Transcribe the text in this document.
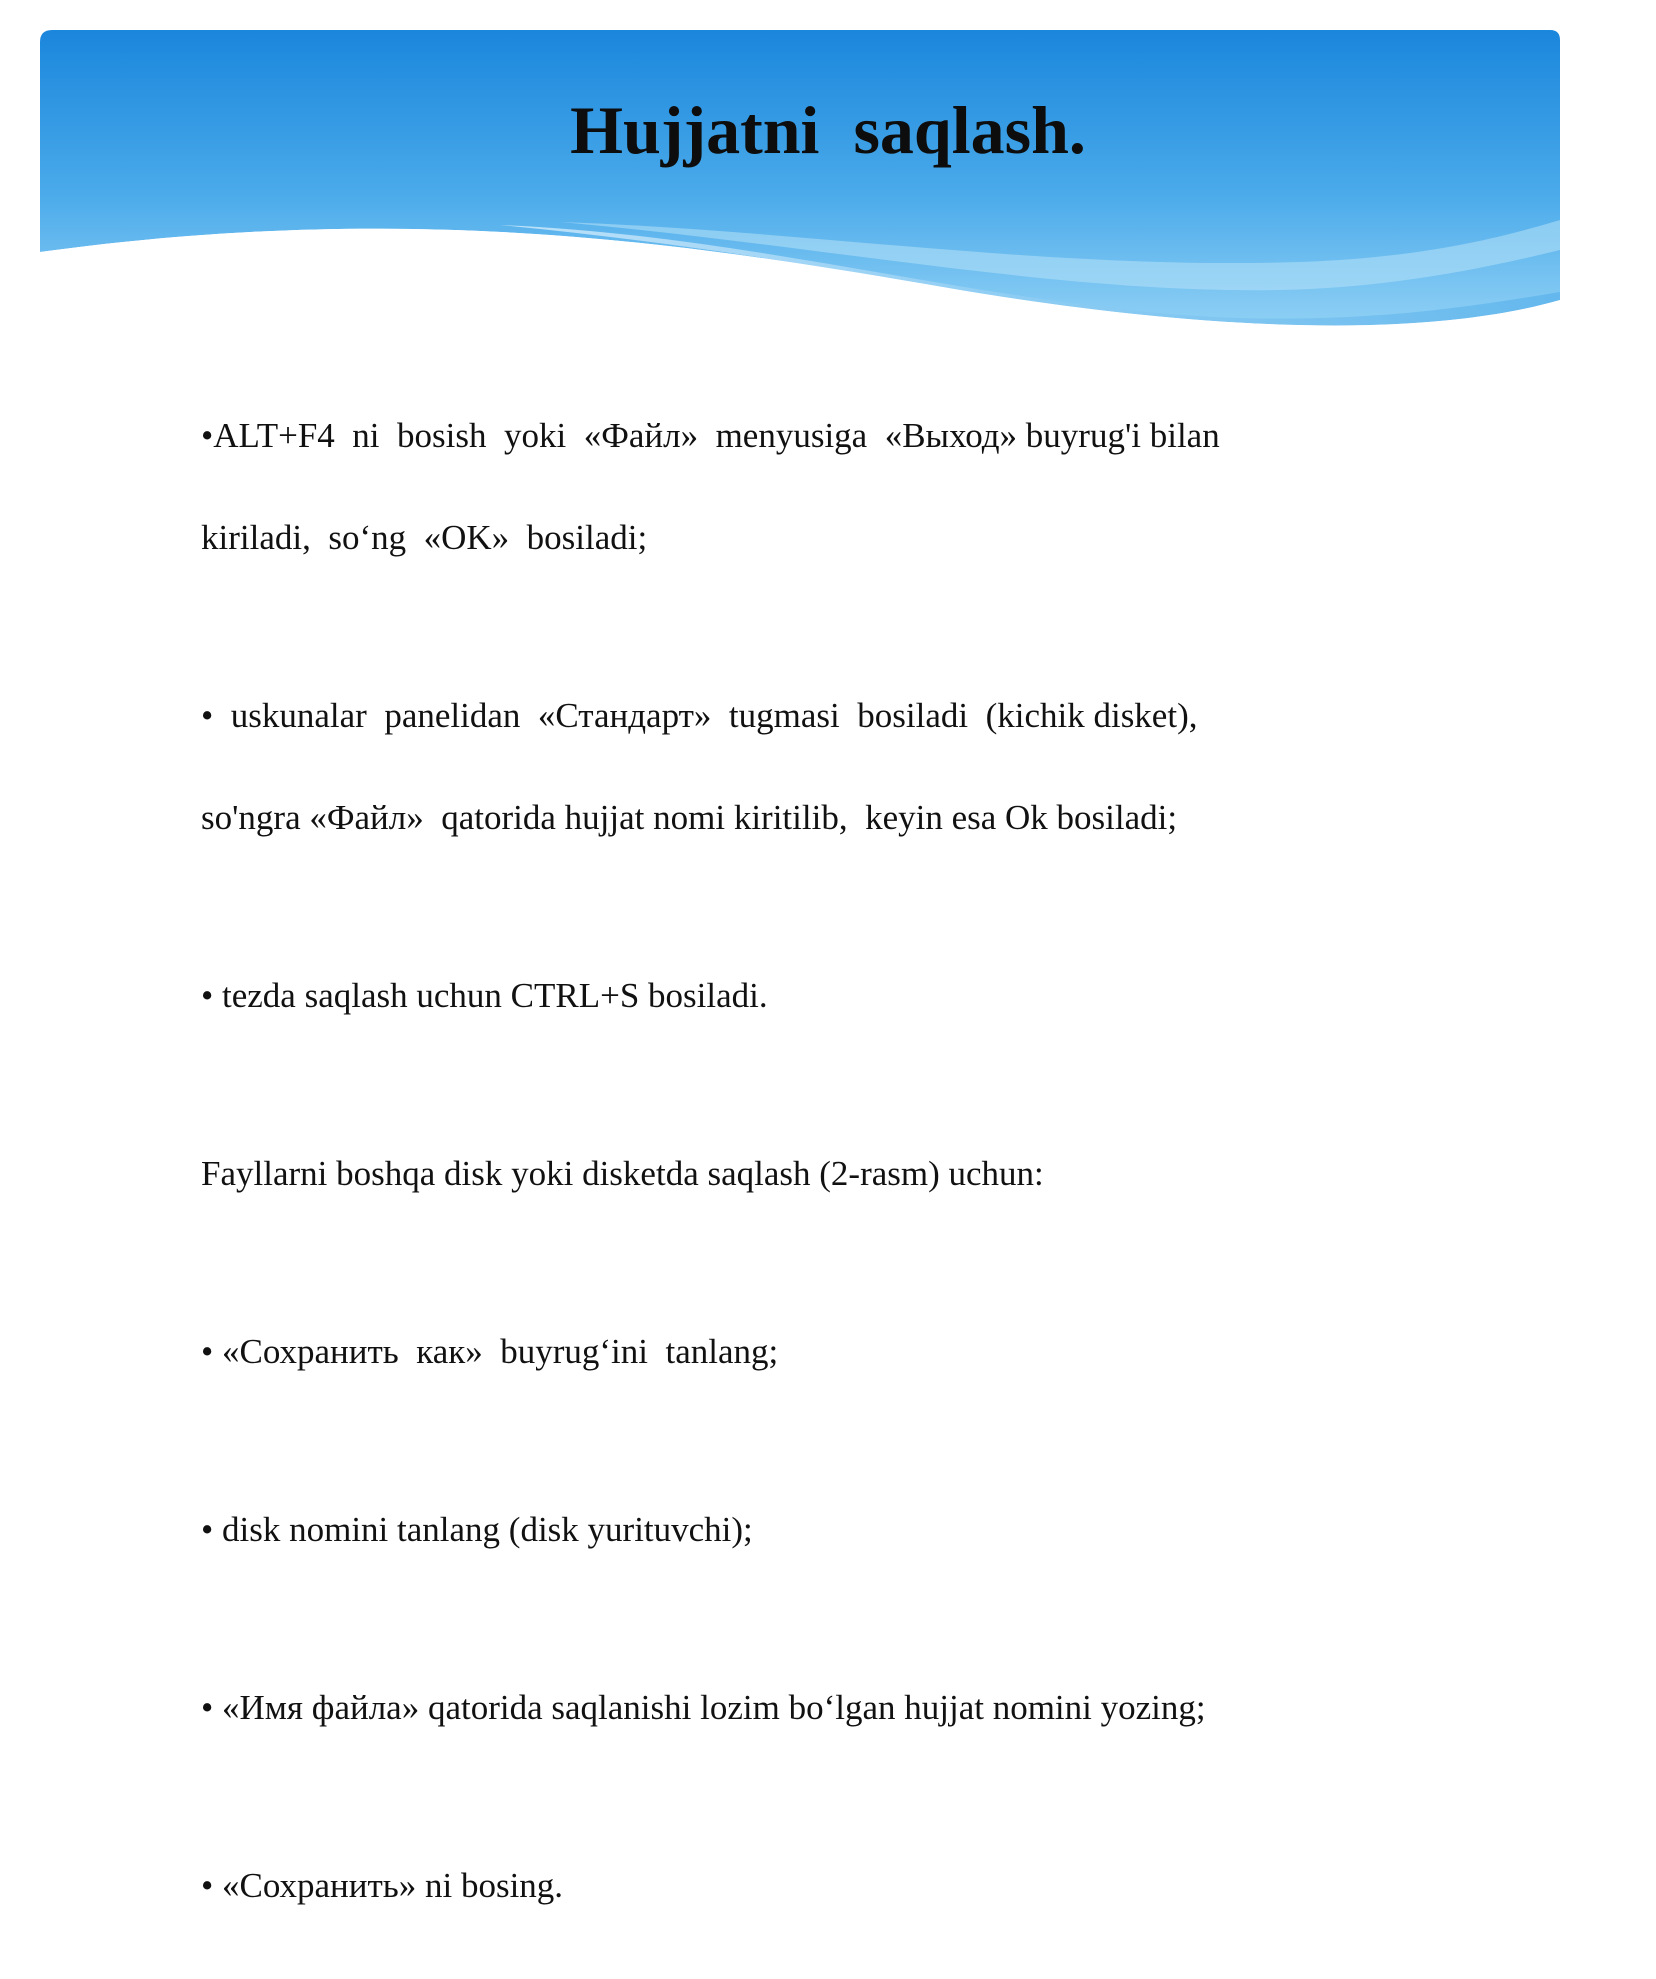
Hujjatni  saqlash.

•ALT+F4  ni  bosish  yoki  «Файл»  menyusiga  «Выход» buyrug'i bilan

kiriladi,  so‘ng  «OK»  bosiladi;

•  uskunalar  panelidan  «Стандарт»  tugmasi  bosiladi  (kichik disket),

so'ngra «Файл»  qatorida hujjat nomi kiritilib,  keyin esa Ok bosiladi;

• tezda saqlash uchun CTRL+S bosiladi.

Fayllarni boshqa disk yoki disketda saqlash (2-rasm) uchun:

• «Сохранить  как»  buyrug‘ini  tanlang;

• disk nomini tanlang (disk yurituvchi);

• «Имя файла» qatorida saqlanishi lozim bo‘lgan hujjat nomini yozing;

• «Сохранить» ni bosing.
